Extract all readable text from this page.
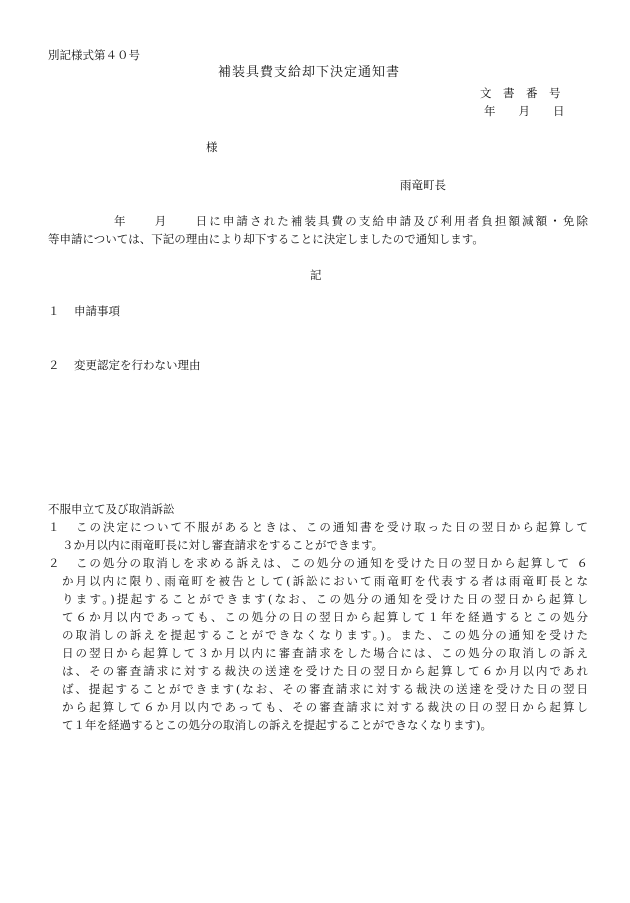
別記様式第４０号
補装具費支給却下決定通知書
文　書　番　号
年　　月　　日
様
雨竜町長
年　　月　　日に申請された補装具費の支給申請及び利用者負担額減額・免除
等申請については、下記の理由により却下することに決定しましたので通知します。
記
１ 申請事項
２ 変更認定を行わない理由
不服申立て及び取消訴訟
１ この決定について不服があるときは、この通知書を受け取った日の翌日から起算して
３か月以内に雨竜町長に対し審査請求をすることができます。
２ この処分の取消しを求める訴えは、この処分の通知を受けた日の翌日から起算して ６
か月以内に限り､雨竜町を被告として(訴訟において雨竜町を代表する者は雨竜町長とな
ります。)提起することができます(なお、この処分の通知を受けた日の翌日から起算し
て６か月以内であっても、この処分の日の翌日から起算して１年を経過するとこの処分
の取消しの訴えを提起することができなくなります。)。また、この処分の通知を受けた
日の翌日から起算して３か月以内に審査請求をした場合には、この処分の取消しの訴え
は、その審査請求に対する裁決の送達を受けた日の翌日から起算して６か月以内であれ
ば、提起することができます(なお、その審査請求に対する裁決の送達を受けた日の翌日
から起算して６か月以内であっても、その審査請求に対する裁決の日の翌日から起算し
て１年を経過するとこの処分の取消しの訴えを提起することができなくなります)。
